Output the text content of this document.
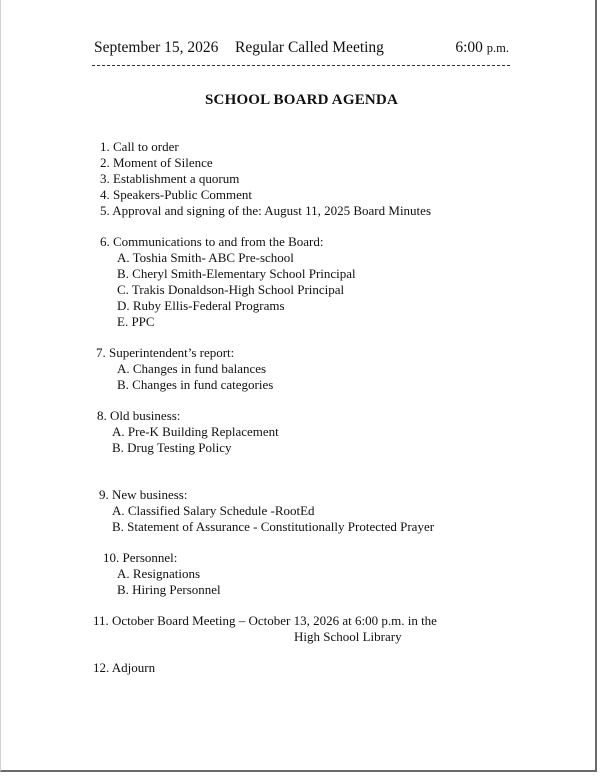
September 15, 2026 Regular Called Meeting	6:00 p.m.
SCHOOL BOARD AGENDA
1. Call to order
2. Moment of Silence
3. Establishment a quorum
4. Speakers-Public Comment
5. Approval and signing of the: August 11, 2025 Board Minutes
6. Communications to and from the Board:
A. Toshia Smith- ABC Pre-school
B. Cheryl Smith-Elementary School Principal
C. Trakis Donaldson-High School Principal
D. Ruby Ellis-Federal Programs
E. PPC
7. Superintendent’s report:
A. Changes in fund balances
B. Changes in fund categories
8. Old business:
A. Pre-K Building Replacement
B. Drug Testing Policy
9. New business:
A. Classified Salary Schedule -RootEd
B. Statement of Assurance - Constitutionally Protected Prayer
10. Personnel:
A. Resignations
B. Hiring Personnel
11. October Board Meeting – October 13, 2026 at 6:00 p.m. in the
High School Library
12. Adjourn
